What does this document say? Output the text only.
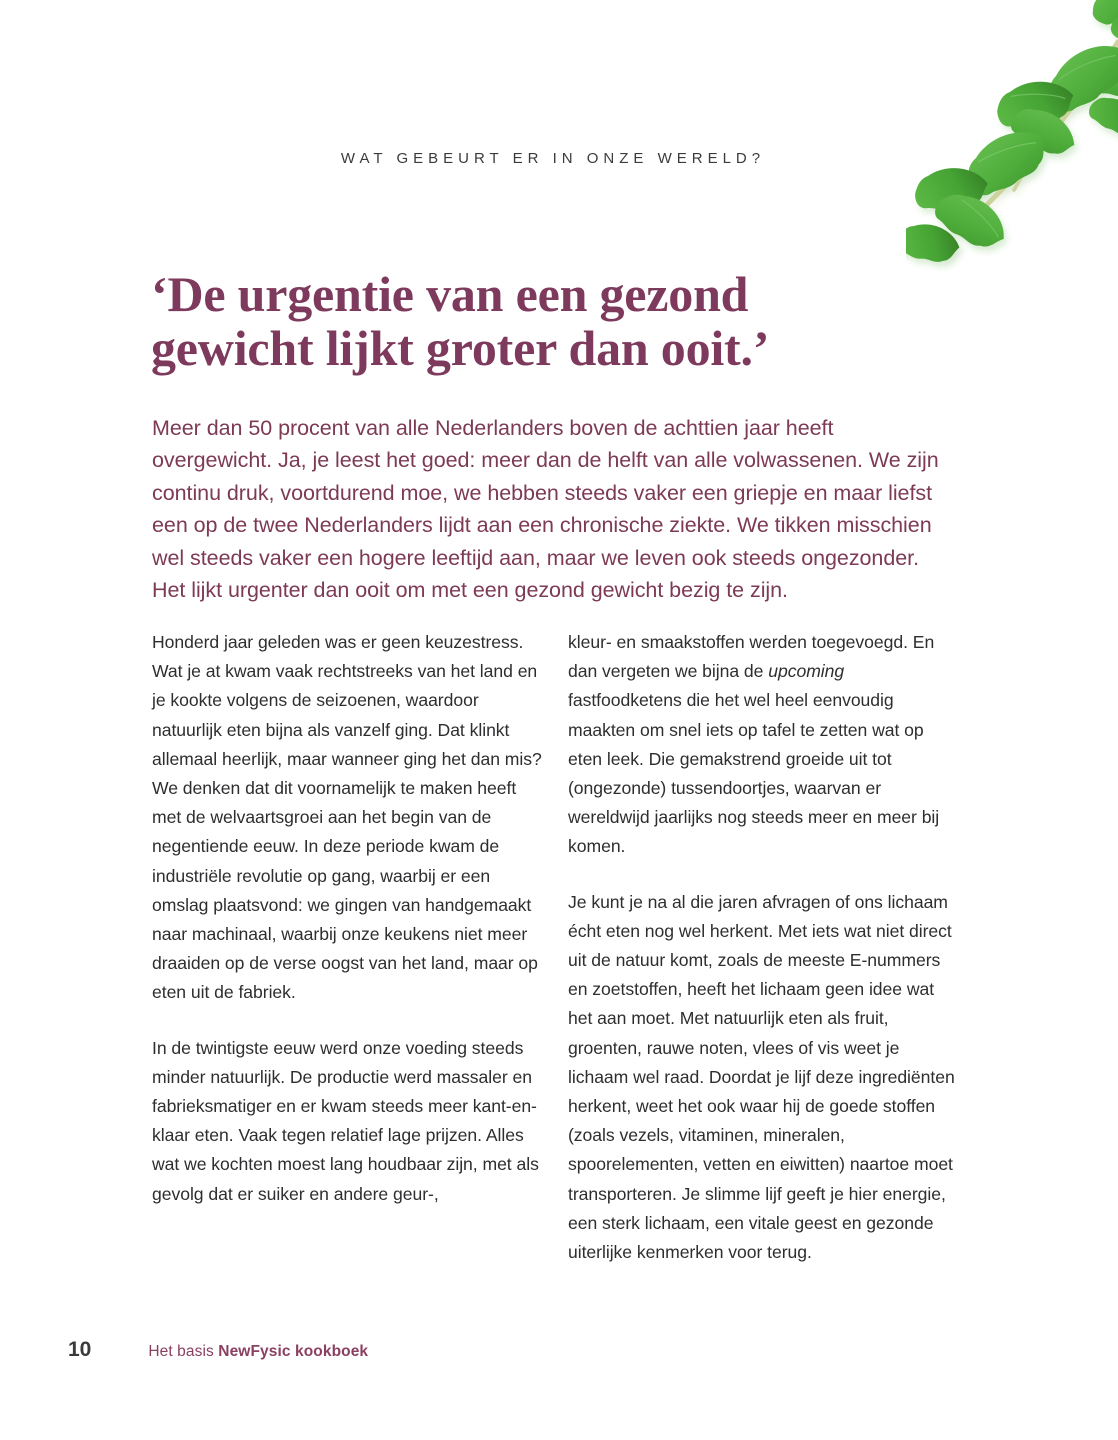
WAT GEBEURT ER IN ONZE WERELD?
‘De urgentie van een gezond
gewicht lijkt groter dan ooit.’

Meer dan 50 procent van alle Nederlanders boven de achttien jaar heeft overgewicht. Ja, je leest het goed: meer dan de helft van alle volwassenen. We zijn continu druk, voortdurend moe, we hebben steeds vaker een griepje en maar liefst een op de twee Nederlanders lijdt aan een chronische ziekte. We tikken misschien wel steeds vaker een hogere leeftijd aan, maar we leven ook steeds ongezonder. Het lijkt urgenter dan ooit om met een gezond gewicht bezig te zijn.

Honderd jaar geleden was er geen keuzestress. Wat je at kwam vaak rechtstreeks van het land en je kookte volgens de seizoenen, waardoor natuurlijk eten bijna als vanzelf ging. Dat klinkt allemaal heerlijk, maar wanneer ging het dan mis? We denken dat dit voornamelijk te maken heeft met de welvaartsgroei aan het begin van de negentiende eeuw. In deze periode kwam de industriële revolutie op gang, waarbij er een omslag plaatsvond: we gingen van handgemaakt naar machinaal, waarbij onze keukens niet meer draaiden op de verse oogst van het land, maar op eten uit de fabriek.

In de twintigste eeuw werd onze voeding steeds minder natuurlijk. De productie werd massaler en fabrieksmatiger en er kwam steeds meer kant-en-klaar eten. Vaak tegen relatief lage prijzen. Alles wat we kochten moest lang houdbaar zijn, met als gevolg dat er suiker en andere geur-,

kleur- en smaakstoffen werden toegevoegd. En dan vergeten we bijna de upcoming fastfoodketens die het wel heel eenvoudig maakten om snel iets op tafel te zetten wat op eten leek. Die gemakstrend groeide uit tot (ongezonde) tussendoortjes, waarvan er wereldwijd jaarlijks nog steeds meer en meer bij komen.

Je kunt je na al die jaren afvragen of ons lichaam écht eten nog wel herkent. Met iets wat niet direct uit de natuur komt, zoals de meeste E-nummers en zoetstoffen, heeft het lichaam geen idee wat het aan moet. Met natuurlijk eten als fruit, groenten, rauwe noten, vlees of vis weet je lichaam wel raad. Doordat je lijf deze ingrediënten herkent, weet het ook waar hij de goede stoffen (zoals vezels, vitaminen, mineralen, spoorelementen, vetten en eiwitten) naartoe moet transporteren. Je slimme lijf geeft je hier energie, een sterk lichaam, een vitale geest en gezonde uiterlijke kenmerken voor terug.

10	Het basis NewFysic kookboek
